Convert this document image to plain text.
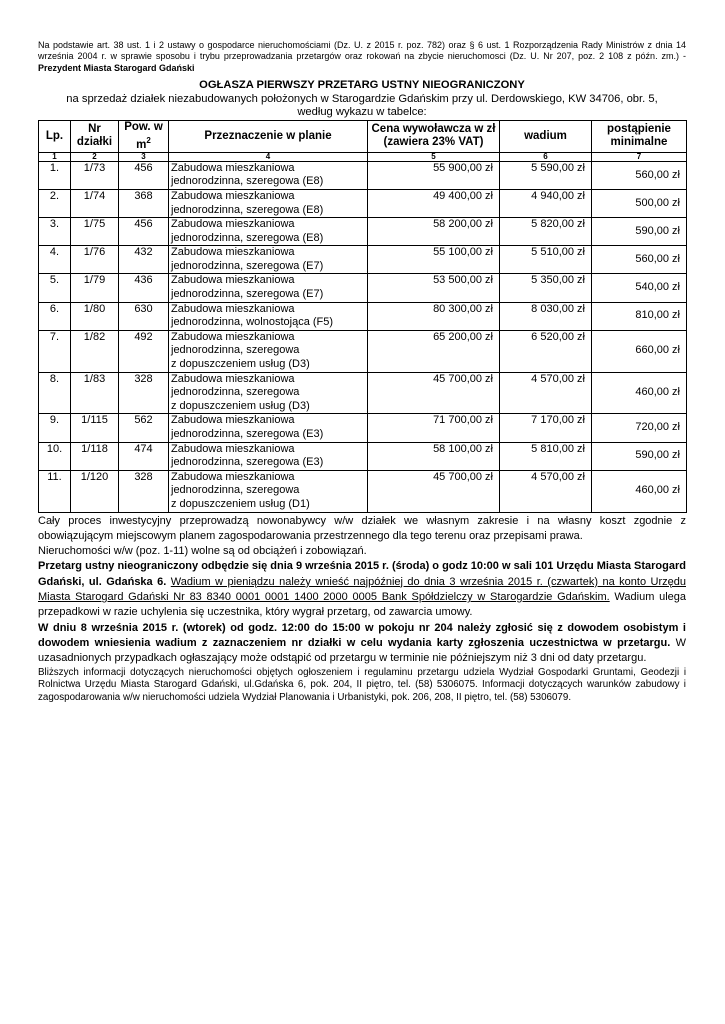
Na podstawie art. 38 ust. 1 i 2 ustawy o gospodarce nieruchomościami (Dz. U. z 2015 r. poz. 782) oraz § 6 ust. 1 Rozporządzenia Rady Ministrów z dnia 14 września 2004 r. w sprawie sposobu i trybu przeprowadzania przetargów oraz rokowań na zbycie nieruchomosci (Dz. U. Nr 207, poz. 2 108 z późn. zm.) - Prezydent Miasta Starogard Gdański

OGŁASZA PIERWSZY PRZETARG USTNY NIEOGRANICZONY

na sprzedaż działek niezabudowanych położonych w Starogardzie Gdańskim przy ul. Derdowskiego, KW 34706, obr. 5,

według wykazu w tabelce:

Lp.	Nr działki	Pow. w $m^2$	Przeznaczenie w planie	Cena wywoławcza w zł (zawiera 23% VAT)	wadium	postąpienie minimalne
1	2	3	4	5	6	7
1.	1/73	456	Zabudowa mieszkaniowa
jednorodzinna, szeregowa (E8)	55 900,00 zł	5 590,00 zł	560,00 zł
2.	1/74	368	Zabudowa mieszkaniowa
jednorodzinna, szeregowa (E8)	49 400,00 zł	4 940,00 zł	500,00 zł
3.	1/75	456	Zabudowa mieszkaniowa
jednorodzinna, szeregowa (E8)	58 200,00 zł	5 820,00 zł	590,00 zł
4.	1/76	432	Zabudowa mieszkaniowa
jednorodzinna, szeregowa (E7)	55 100,00 zł	5 510,00 zł	560,00 zł
5.	1/79	436	Zabudowa mieszkaniowa
jednorodzinna, szeregowa (E7)	53 500,00 zł	5 350,00 zł	540,00 zł
6.	1/80	630	Zabudowa mieszkaniowa
jednorodzinna, wolnostojąca (F5)	80 300,00 zł	8 030,00 zł	810,00 zł
7.	1/82	492	Zabudowa mieszkaniowa
jednorodzinna, szeregowa
z dopuszczeniem usług (D3)	65 200,00 zł	6 520,00 zł	660,00 zł
8.	1/83	328	Zabudowa mieszkaniowa
jednorodzinna, szeregowa
z dopuszczeniem usług (D3)	45 700,00 zł	4 570,00 zł	460,00 zł
9.	1/115	562	Zabudowa mieszkaniowa
jednorodzinna, szeregowa (E3)	71 700,00 zł	7 170,00 zł	720,00 zł
10.	1/118	474	Zabudowa mieszkaniowa
jednorodzinna, szeregowa (E3)	58 100,00 zł	5 810,00 zł	590,00 zł
11.	1/120	328	Zabudowa mieszkaniowa
jednorodzinna, szeregowa
z dopuszczeniem usług (D1)	45 700,00 zł	4 570,00 zł	460,00 zł

Cały proces inwestycyjny przeprowadzą nowonabywcy w/w działek we własnym zakresie i na własny koszt zgodnie z obowiązującym miejscowym planem zagospodarowania przestrzennego dla tego terenu oraz przepisami prawa.

Nieruchomości w/w (poz. 1-11) wolne są od obciążeń i zobowiązań.

Przetarg ustny nieograniczony odbędzie się dnia 9 września 2015 r. (środa) o godz 10:00 w sali 101 Urzędu Miasta Starogard Gdański, ul. Gdańska 6. Wadium w pieniądzu należy wnieść najpóźniej do dnia 3 września 2015 r. (czwartek) na konto Urzędu Miasta Starogard Gdański Nr 83 8340 0001 0001 1400 2000 0005 Bank Spółdzielczy w Starogardzie Gdańskim. Wadium ulega przepadkowi w razie uchylenia się uczestnika, który wygrał przetarg, od zawarcia umowy.

W dniu 8 września 2015 r. (wtorek) od godz. 12:00 do 15:00 w pokoju nr 204 należy zgłosić się z dowodem osobistym i dowodem wniesienia wadium z zaznaczeniem nr działki w celu wydania karty zgłoszenia uczestnictwa w przetargu. W uzasadnionych przypadkach ogłaszający może odstąpić od przetargu w terminie nie późniejszym niż 3 dni od daty przetargu.

Bliższych informacji dotyczących nieruchomości objętych ogłoszeniem i regulaminu przetargu udziela Wydział Gospodarki Gruntami, Geodezji i Rolnictwa Urzędu Miasta Starogard Gdański, ul.Gdańska 6, pok. 204, II piętro, tel. (58) 5306075. Informacji dotyczących warunków zabudowy i zagospodarowania w/w nieruchomości udziela Wydział Planowania i Urbanistyki, pok. 206, 208, II piętro, tel. (58) 5306079.
